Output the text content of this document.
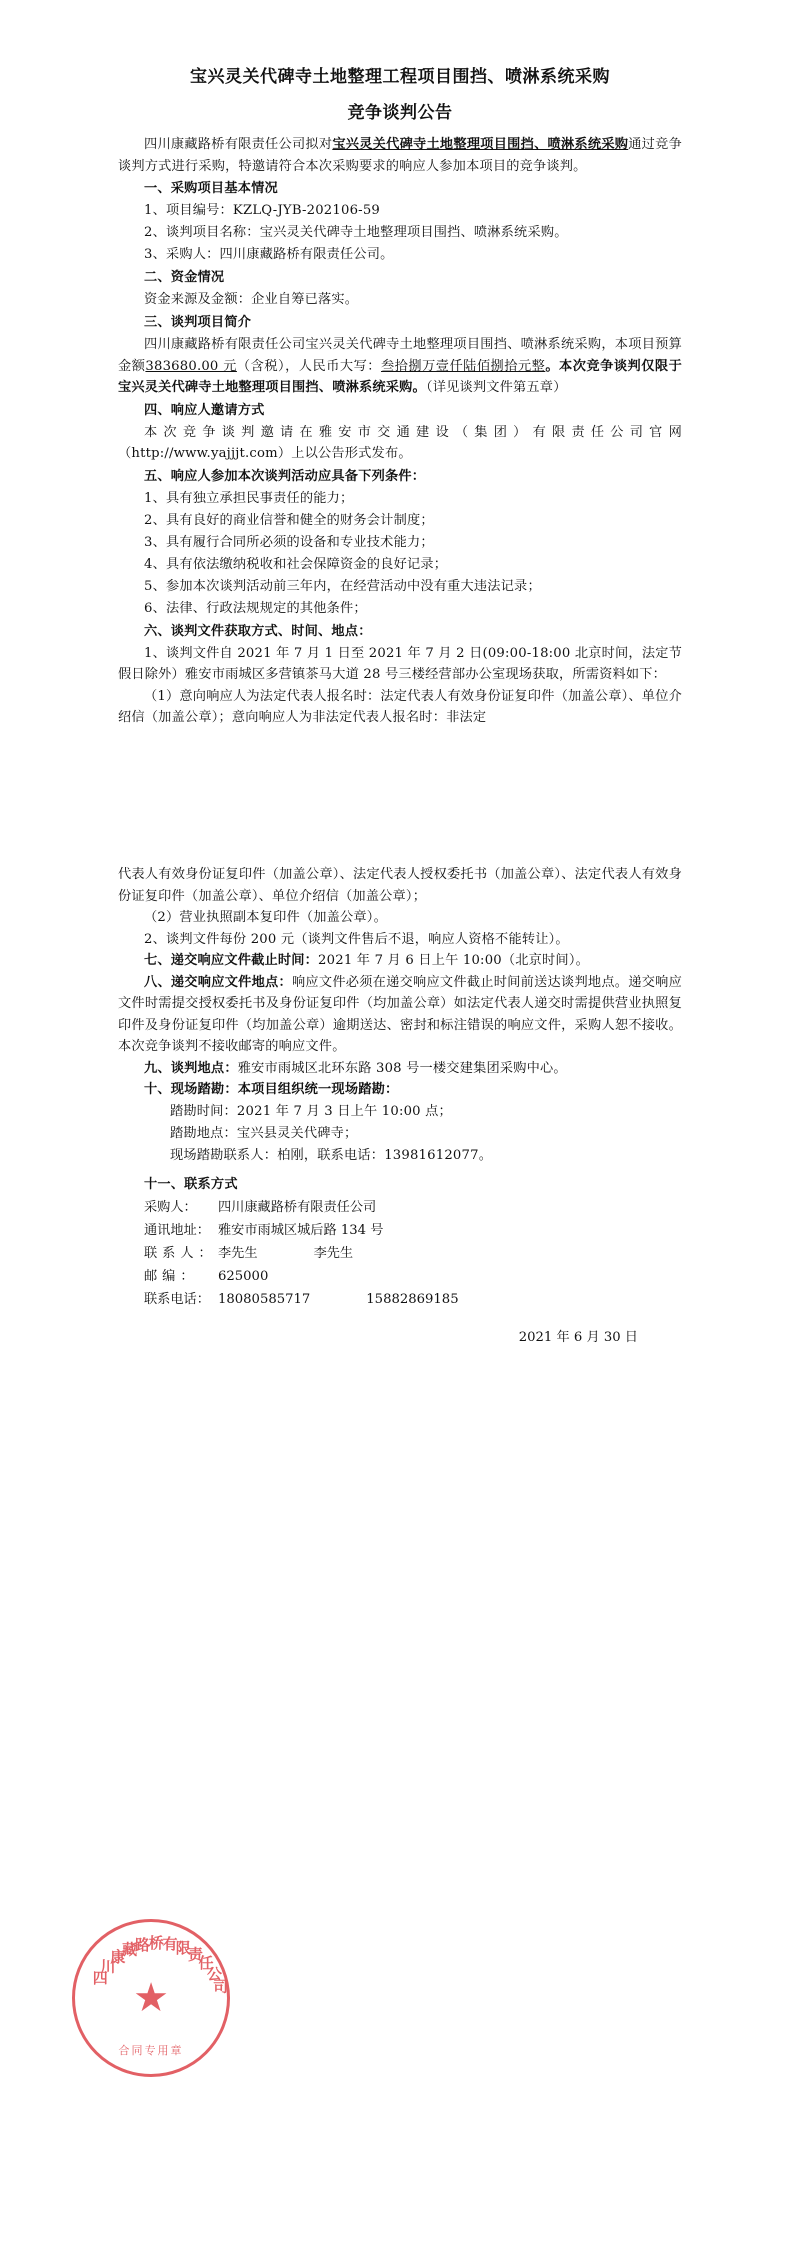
宝兴灵关代碑寺土地整理工程项目围挡、喷淋系统采购
竞争谈判公告

四川康藏路桥有限责任公司拟对宝兴灵关代碑寺土地整理项目围挡、喷淋系统采购通过竞争谈判方式进行采购，特邀请符合本次采购要求的响应人参加本项目的竞争谈判。

一、采购项目基本情况

1、项目编号：KZLQ-JYB-202106-59

2、谈判项目名称：宝兴灵关代碑寺土地整理项目围挡、喷淋系统采购。

3、采购人：四川康藏路桥有限责任公司。

二、资金情况

资金来源及金额：企业自筹已落实。

三、谈判项目简介

四川康藏路桥有限责任公司宝兴灵关代碑寺土地整理项目围挡、喷淋系统采购，本项目预算金额383680.00 元（含税），人民币大写：叁拾捌万壹仟陆佰捌拾元整。本次竞争谈判仅限于宝兴灵关代碑寺土地整理项目围挡、喷淋系统采购。（详见谈判文件第五章）

四、响应人邀请方式

本次竞争谈判邀请在雅安市交通建设（集团）有限责任公司官网（http://www.yajjjt.com）上以公告形式发布。

五、响应人参加本次谈判活动应具备下列条件：

1、具有独立承担民事责任的能力；

2、具有良好的商业信誉和健全的财务会计制度；

3、具有履行合同所必须的设备和专业技术能力；

4、具有依法缴纳税收和社会保障资金的良好记录；

5、参加本次谈判活动前三年内，在经营活动中没有重大违法记录；

6、法律、行政法规规定的其他条件；

六、谈判文件获取方式、时间、地点：

1、谈判文件自 2021 年 7 月 1 日至 2021 年 7 月 2 日(09:00-18:00 北京时间，法定节假日除外）雅安市雨城区多营镇茶马大道 28 号三楼经营部办公室现场获取，所需资料如下：

（1）意向响应人为法定代表人报名时：法定代表人有效身份证复印件（加盖公章）、单位介绍信（加盖公章）；意向响应人为非法定代表人报名时：非法定

代表人有效身份证复印件（加盖公章）、法定代表人授权委托书（加盖公章）、法定代表人有效身份证复印件（加盖公章）、单位介绍信（加盖公章）；

（2）营业执照副本复印件（加盖公章）。

2、谈判文件每份 200 元（谈判文件售后不退，响应人资格不能转让）。

七、递交响应文件截止时间：2021 年 7 月 6 日上午 10:00（北京时间）。

八、递交响应文件地点：响应文件必须在递交响应文件截止时间前送达谈判地点。递交响应文件时需提交授权委托书及身份证复印件（均加盖公章）如法定代表人递交时需提供营业执照复印件及身份证复印件（均加盖公章）逾期送达、密封和标注错误的响应文件，采购人恕不接收。本次竞争谈判不接收邮寄的响应文件。

九、谈判地点：雅安市雨城区北环东路 308 号一楼交建集团采购中心。

十、现场踏勘：本项目组织统一现场踏勘：

踏勘时间：2021 年 7 月 3 日上午 10:00 点；

踏勘地点：宝兴县灵关代碑寺；

现场踏勘联系人：柏刚，联系电话：13981612077。

十一、联系方式

采购人：	四川康藏路桥有限责任公司
通讯地址： 雅安市雨城区城后路 134 号
联系人： 李先生	李先生
邮编：	625000
联系电话： 18080585717	15882869185
2021 年 6 月 30 日
★
四
川
康
藏
路
桥
有
限
责
任
公
司
合同专用章
